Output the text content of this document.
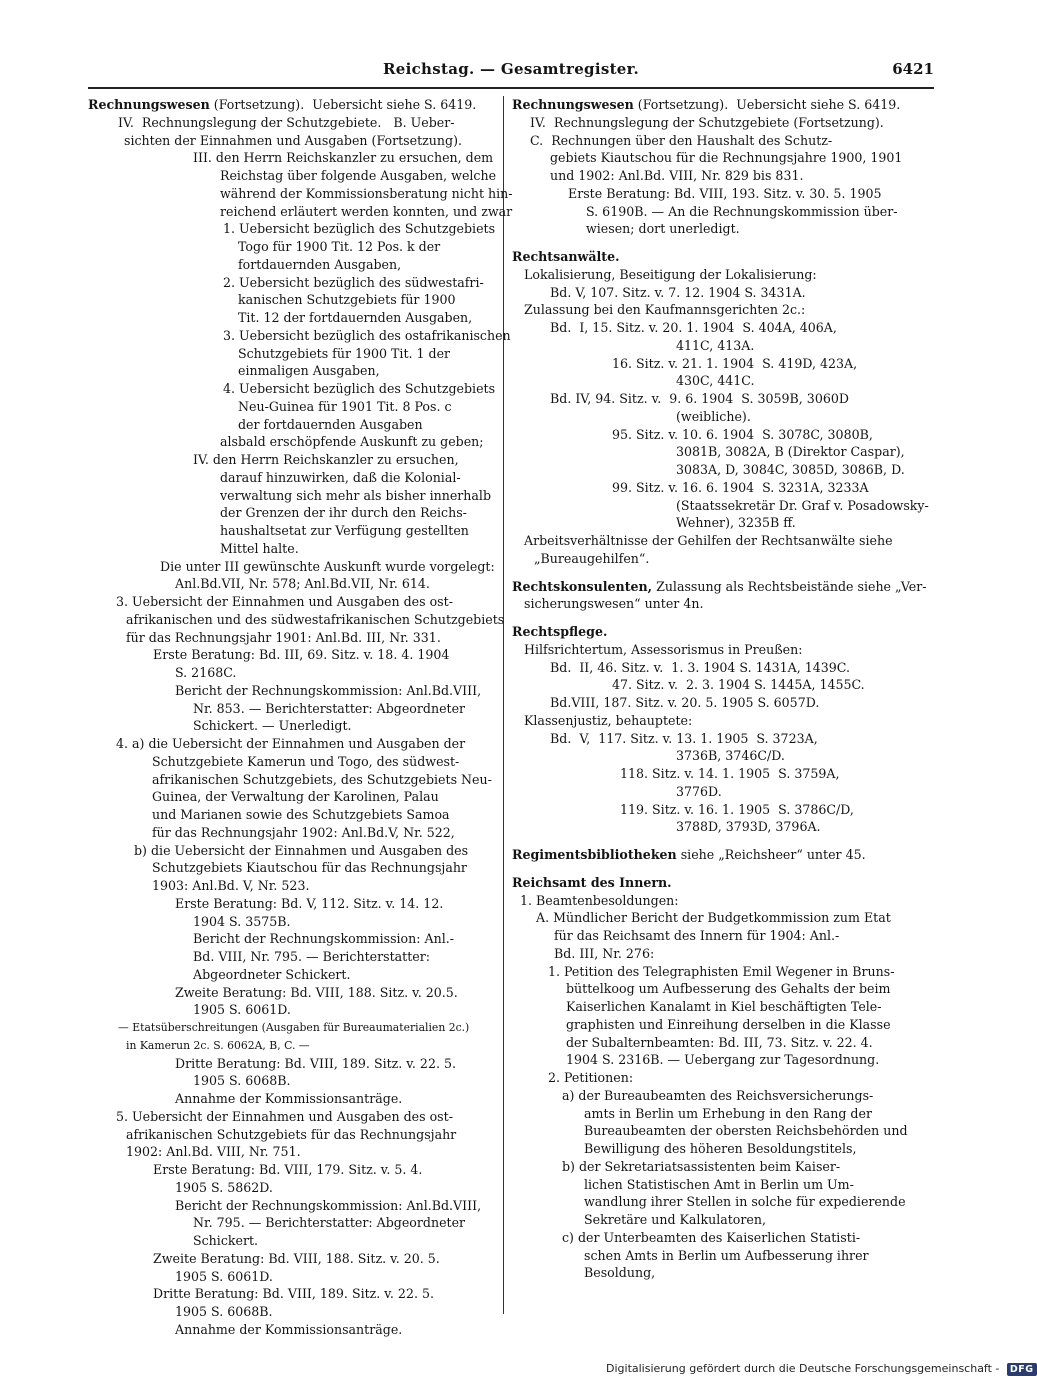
Reichstag. — Gesamtregister.	6421
Rechnungswesen (Fortsetzung).  Uebersicht siehe S. 6419.
IV.  Rechnungslegung der Schutzgebiete.   B. Ueber-
sichten der Einnahmen und Ausgaben (Fortsetzung).
III. den Herrn Reichskanzler zu ersuchen, dem
Reichstag über folgende Ausgaben, welche
während der Kommissionsberatung nicht hin-
reichend erläutert werden konnten, und zwar
1. Uebersicht bezüglich des Schutzgebiets
Togo für 1900 Tit. 12 Pos. k der
fortdauernden Ausgaben,
2. Uebersicht bezüglich des südwestafri-
kanischen Schutzgebiets für 1900
Tit. 12 der fortdauernden Ausgaben,
3. Uebersicht bezüglich des ostafrikanischen
Schutzgebiets für 1900 Tit. 1 der
einmaligen Ausgaben,
4. Uebersicht bezüglich des Schutzgebiets
Neu-Guinea für 1901 Tit. 8 Pos. c
der fortdauernden Ausgaben
alsbald erschöpfende Auskunft zu geben;
IV. den Herrn Reichskanzler zu ersuchen,
darauf hinzuwirken, daß die Kolonial-
verwaltung sich mehr als bisher innerhalb
der Grenzen der ihr durch den Reichs-
haushaltsetat zur Verfügung gestellten
Mittel halte.
Die unter III gewünschte Auskunft wurde vorgelegt:
Anl.Bd.VII, Nr. 578; Anl.Bd.VII, Nr. 614.
3. Uebersicht der Einnahmen und Ausgaben des ost-
afrikanischen und des südwestafrikanischen Schutzgebiets
für das Rechnungsjahr 1901: Anl.Bd. III, Nr. 331.
Erste Beratung: Bd. III, 69. Sitz. v. 18. 4. 1904
S. 2168C.
Bericht der Rechnungskommission: Anl.Bd.VIII,
Nr. 853. — Berichterstatter: Abgeordneter
Schickert. — Unerledigt.
4. a) die Uebersicht der Einnahmen und Ausgaben der
Schutzgebiete Kamerun und Togo, des südwest-
afrikanischen Schutzgebiets, des Schutzgebiets Neu-
Guinea, der Verwaltung der Karolinen, Palau
und Marianen sowie des Schutzgebiets Samoa
für das Rechnungsjahr 1902: Anl.Bd.V, Nr. 522,
b) die Uebersicht der Einnahmen und Ausgaben des
Schutzgebiets Kiautschou für das Rechnungsjahr
1903: Anl.Bd. V, Nr. 523.
Erste Beratung: Bd. V, 112. Sitz. v. 14. 12.
1904 S. 3575B.
Bericht der Rechnungskommission: Anl.-
Bd. VIII, Nr. 795. — Berichterstatter:
Abgeordneter Schickert.
Zweite Beratung: Bd. VIII, 188. Sitz. v. 20.5.
1905 S. 6061D.
— Etatsüberschreitungen (Ausgaben für Bureaumaterialien 2c.)
in Kamerun 2c. S. 6062A, B, C. —
Dritte Beratung: Bd. VIII, 189. Sitz. v. 22. 5.
1905 S. 6068B.
Annahme der Kommissionsanträge.
5. Uebersicht der Einnahmen und Ausgaben des ost-
afrikanischen Schutzgebiets für das Rechnungsjahr
1902: Anl.Bd. VIII, Nr. 751.
Erste Beratung: Bd. VIII, 179. Sitz. v. 5. 4.
1905 S. 5862D.
Bericht der Rechnungskommission: Anl.Bd.VIII,
Nr. 795. — Berichterstatter: Abgeordneter
Schickert.
Zweite Beratung: Bd. VIII, 188. Sitz. v. 20. 5.
1905 S. 6061D.
Dritte Beratung: Bd. VIII, 189. Sitz. v. 22. 5.
1905 S. 6068B.
Annahme der Kommissionsanträge.
Rechnungswesen (Fortsetzung).  Uebersicht siehe S. 6419.
IV.  Rechnungslegung der Schutzgebiete (Fortsetzung).
C.  Rechnungen über den Haushalt des Schutz-
gebiets Kiautschou für die Rechnungsjahre 1900, 1901
und 1902: Anl.Bd. VIII, Nr. 829 bis 831.
Erste Beratung: Bd. VIII, 193. Sitz. v. 30. 5. 1905
S. 6190B. — An die Rechnungskommission über-
wiesen; dort unerledigt.
Rechtsanwälte.
Lokalisierung, Beseitigung der Lokalisierung:
Bd. V, 107. Sitz. v. 7. 12. 1904 S. 3431A.
Zulassung bei den Kaufmannsgerichten 2c.:
Bd.  I, 15. Sitz. v. 20. 1. 1904  S. 404A, 406A,
411C, 413A.
16. Sitz. v. 21. 1. 1904  S. 419D, 423A,
430C, 441C.
Bd. IV, 94. Sitz. v.  9. 6. 1904  S. 3059B, 3060D
(weibliche).
95. Sitz. v. 10. 6. 1904  S. 3078C, 3080B,
3081B, 3082A, B (Direktor Caspar),
3083A, D, 3084C, 3085D, 3086B, D.
99. Sitz. v. 16. 6. 1904  S. 3231A, 3233A
(Staatssekretär Dr. Graf v. Posadowsky-
Wehner), 3235B ff.
Arbeitsverhältnisse der Gehilfen der Rechtsanwälte siehe
„Bureaugehilfen“.
Rechtskonsulenten, Zulassung als Rechtsbeistände siehe „Ver-
sicherungswesen“ unter 4n.
Rechtspflege.
Hilfsrichtertum, Assessorismus in Preußen:
Bd.  II, 46. Sitz. v.  1. 3. 1904 S. 1431A, 1439C.
47. Sitz. v.  2. 3. 1904 S. 1445A, 1455C.
Bd.VIII, 187. Sitz. v. 20. 5. 1905 S. 6057D.
Klassenjustiz, behauptete:
Bd.  V,  117. Sitz. v. 13. 1. 1905  S. 3723A,
3736B, 3746C/D.
118. Sitz. v. 14. 1. 1905  S. 3759A,
3776D.
119. Sitz. v. 16. 1. 1905  S. 3786C/D,
3788D, 3793D, 3796A.
Regimentsbibliotheken siehe „Reichsheer“ unter 45.
Reichsamt des Innern.
1. Beamtenbesoldungen:
A. Mündlicher Bericht der Budgetkommission zum Etat
für das Reichsamt des Innern für 1904: Anl.-
Bd. III, Nr. 276:
1. Petition des Telegraphisten Emil Wegener in Bruns-
büttelkoog um Aufbesserung des Gehalts der beim
Kaiserlichen Kanalamt in Kiel beschäftigten Tele-
graphisten und Einreihung derselben in die Klasse
der Subalternbeamten: Bd. III, 73. Sitz. v. 22. 4.
1904 S. 2316B. — Uebergang zur Tagesordnung.
2. Petitionen:
a) der Bureaubeamten des Reichsversicherungs-
amts in Berlin um Erhebung in den Rang der
Bureaubeamten der obersten Reichsbehörden und
Bewilligung des höheren Besoldungstitels,
b) der Sekretariatsassistenten beim Kaiser-
lichen Statistischen Amt in Berlin um Um-
wandlung ihrer Stellen in solche für expedierende
Sekretäre und Kalkulatoren,
c) der Unterbeamten des Kaiserlichen Statisti-
schen Amts in Berlin um Aufbesserung ihrer
Besoldung,
Digitalisierung gefördert durch die Deutsche Forschungsgemeinschaft - DFG
